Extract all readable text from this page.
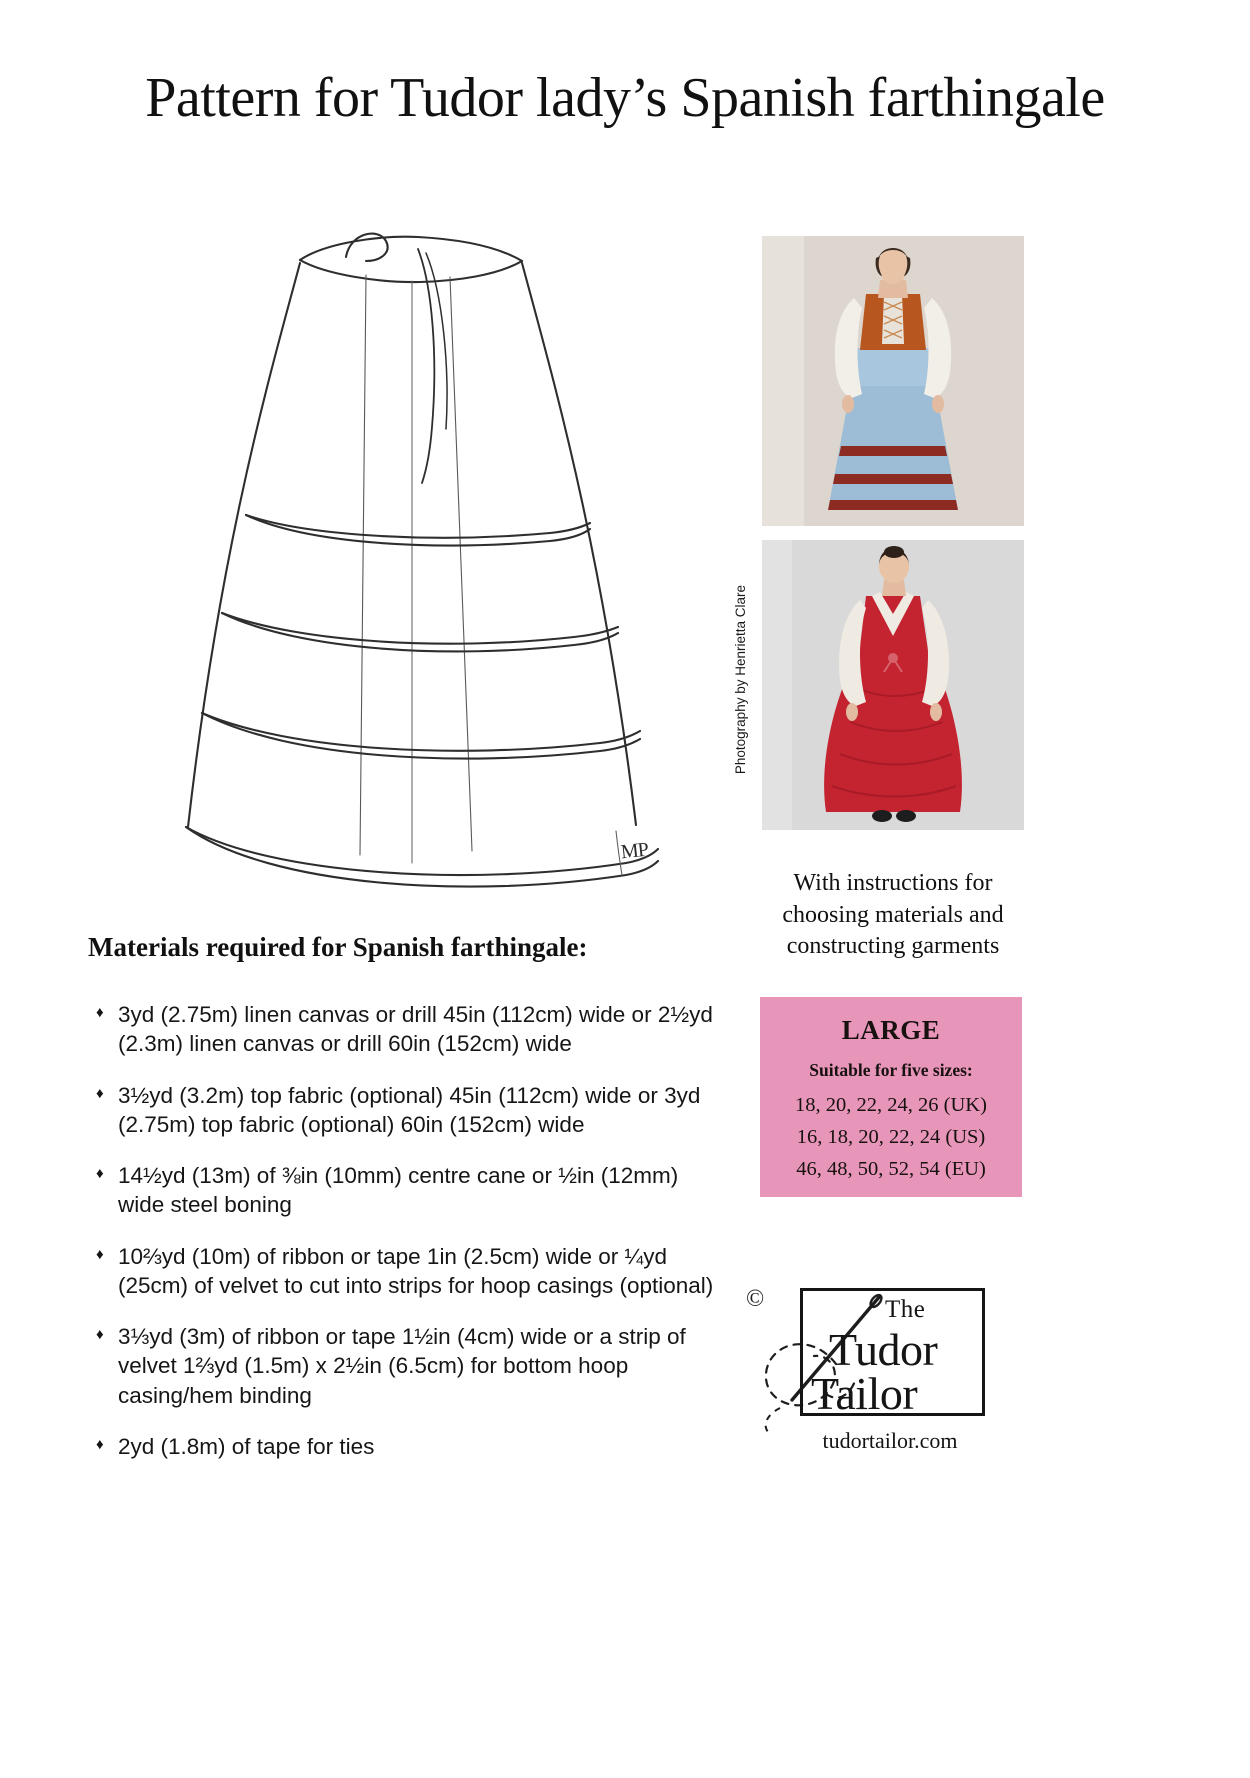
Pattern for Tudor lady’s Spanish farthingale
MP
Photography by Henrietta Clare
With instructions for
choosing materials and
constructing garments
LARGE
Suitable for five sizes:
18, 20, 22, 24, 26 (UK)
16, 18, 20, 22, 24 (US)
46, 48, 50, 52, 54 (EU)
Materials required for Spanish farthingale:
♦ 3yd (2.75m) linen canvas or drill 45in (112cm) wide or 2½yd (2.3m) linen canvas or drill 60in (152cm) wide
♦ 3½yd (3.2m) top fabric (optional) 45in (112cm) wide or 3yd (2.75m) top fabric (optional) 60in (152cm) wide
♦ 14½yd (13m) of ⅜in (10mm) centre cane or ½in (12mm) wide steel boning
♦ 10⅔yd (10m) of ribbon or tape 1in (2.5cm) wide or ¼yd (25cm) of velvet to cut into strips for hoop casings (optional)
♦ 3⅓yd (3m) of ribbon or tape 1½in (4cm) wide or a strip of velvet 1⅔yd (1.5m) x 2½in (6.5cm) for bottom hoop casing/hem binding
♦ 2yd (1.8m) of tape for ties
©	The
Tudor
Tailor
tudortailor.com
